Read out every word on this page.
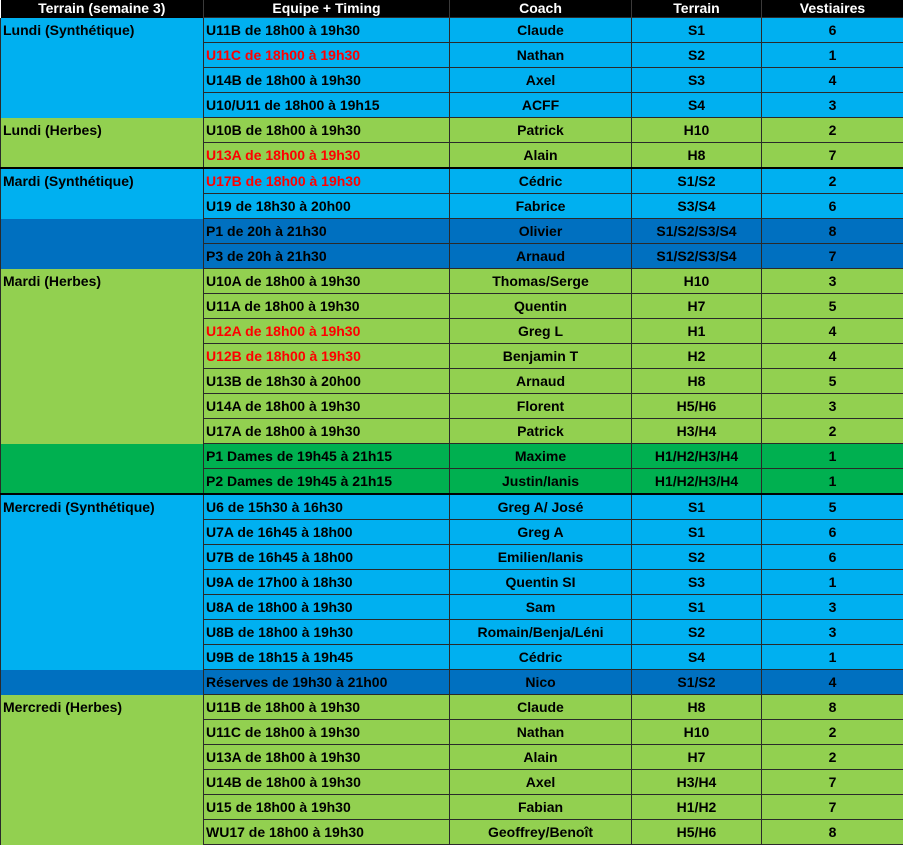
Terrain (semaine 3)	Equipe + Timing	Coach	Terrain	Vestiaires
Lundi (Synthétique)	U11B de 18h00 à 19h30	Claude	S1	6
	U11C de 18h00 à 19h30	Nathan	S2	1
	U14B de 18h00 à 19h30	Axel	S3	4
	U10/U11 de 18h00 à 19h15	ACFF	S4	3
Lundi (Herbes)	U10B de 18h00 à 19h30	Patrick	H10	2
	U13A de 18h00 à 19h30	Alain	H8	7
Mardi (Synthétique)	U17B de 18h00 à 19h30	Cédric	S1/S2	2
	U19 de 18h30 à 20h00	Fabrice	S3/S4	6
	P1 de 20h à 21h30	Olivier	S1/S2/S3/S4	8
	P3 de 20h à 21h30	Arnaud	S1/S2/S3/S4	7
Mardi (Herbes)	U10A de 18h00 à 19h30	Thomas/Serge	H10	3
	U11A de 18h00 à 19h30	Quentin	H7	5
	U12A de 18h00 à 19h30	Greg L	H1	4
	U12B de 18h00 à 19h30	Benjamin T	H2	4
	U13B de 18h30 à 20h00	Arnaud	H8	5
	U14A de 18h00 à 19h30	Florent	H5/H6	3
	U17A de 18h00 à 19h30	Patrick	H3/H4	2
	P1 Dames de 19h45 à 21h15	Maxime	H1/H2/H3/H4	1
	P2 Dames de 19h45 à 21h15	Justin/Ianis	H1/H2/H3/H4	1
Mercredi (Synthétique)	U6 de 15h30 à 16h30	Greg A/ José	S1	5
	U7A de 16h45 à 18h00	Greg A	S1	6
	U7B de 16h45 à 18h00	Emilien/Ianis	S2	6
	U9A de 17h00 à 18h30	Quentin SI	S3	1
	U8A de 18h00 à 19h30	Sam	S1	3
	U8B de 18h00 à 19h30	Romain/Benja/Léni	S2	3
	U9B de 18h15 à 19h45	Cédric	S4	1
	Réserves de 19h30 à 21h00	Nico	S1/S2	4
Mercredi (Herbes)	U11B de 18h00 à 19h30	Claude	H8	8
	U11C de 18h00 à 19h30	Nathan	H10	2
	U13A de 18h00 à 19h30	Alain	H7	2
	U14B de 18h00 à 19h30	Axel	H3/H4	7
	U15 de 18h00 à 19h30	Fabian	H1/H2	7
	WU17 de 18h00 à 19h30	Geoffrey/Benoît	H5/H6	8
